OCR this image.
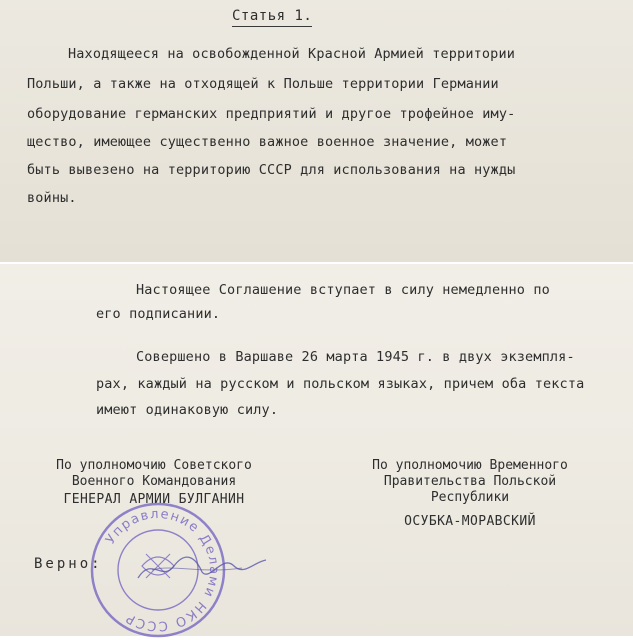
Статья 1.
Находящееся на освобожденной Красной Армией территории
Польши, а также на отходящей к Польше территории Германии
оборудование германских предприятий и другое трофейное иму-
щество, имеющее существенно важное военное значение, может
быть вывезено на территорию СССР для использования на нужды
войны.
Настоящее Соглашение вступает в силу немедленно по
его подписании.
Совершено в Варшаве 26 марта 1945 г. в двух экземпля-
рах, каждый на русском и польском языках, причем оба текста
имеют одинаковую силу.
По уполномочию Советского
Военного Командования
ГЕНЕРАЛ АРМИИ БУЛГАНИН
По уполномочию Временного
Правительства Польской
Республики
ОСУБКА-МОРАВСКИЙ
Управление Делами НКО СССР
Верно:
